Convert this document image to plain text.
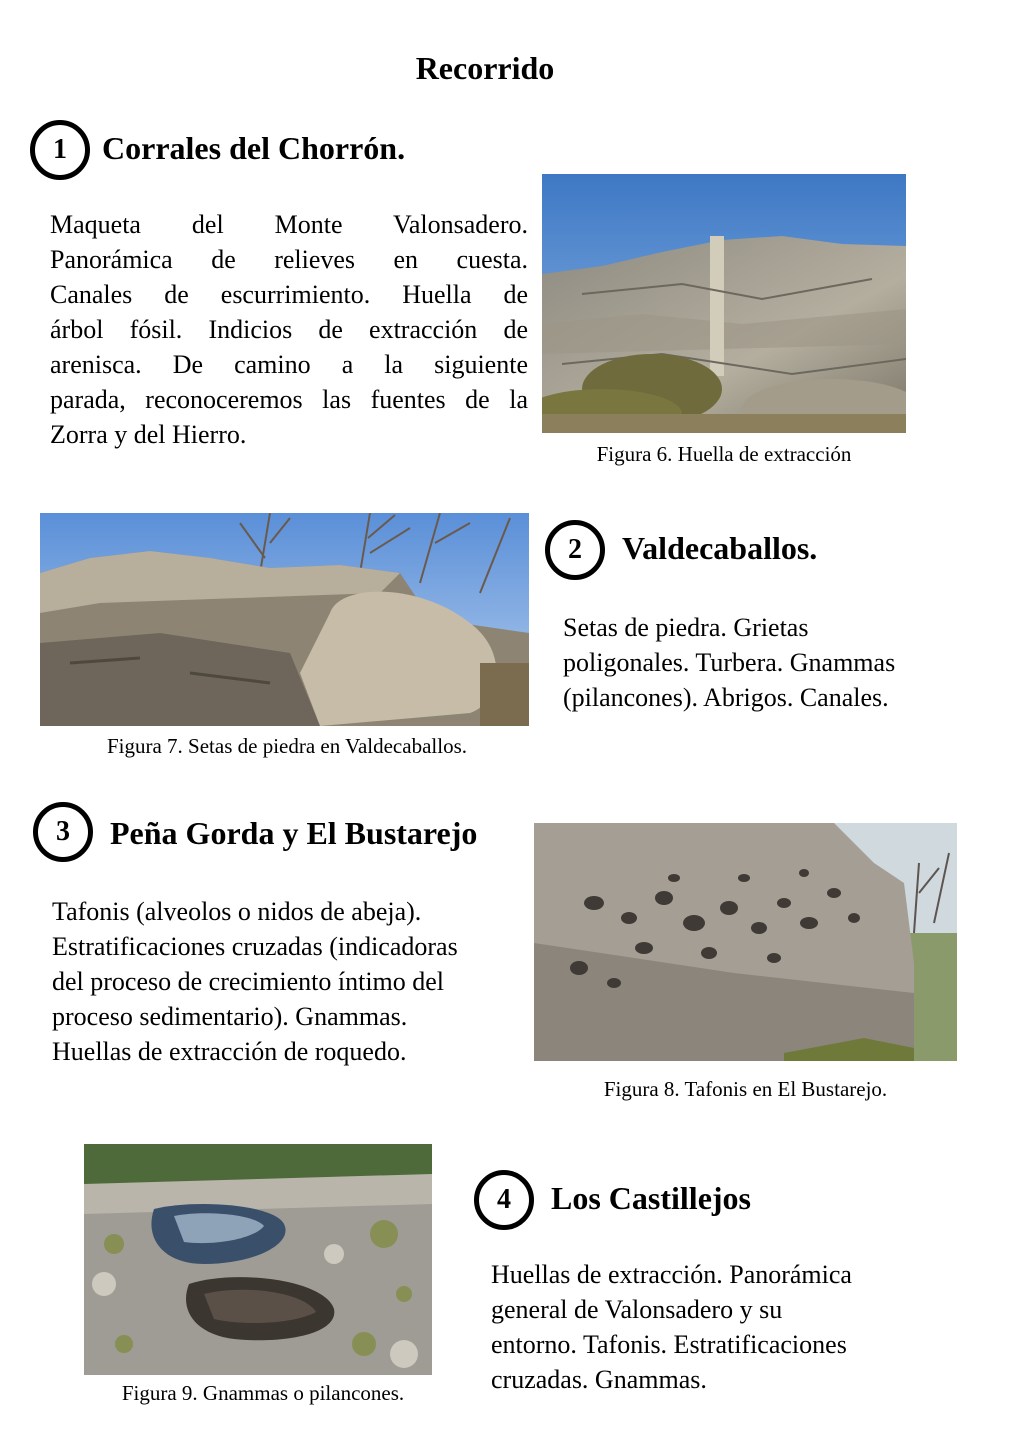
Recorrido
1	Corrales del Chorrón.
Maqueta del Monte Valonsadero.
Panorámica de relieves en cuesta.
Canales de escurrimiento. Huella de
árbol fósil. Indicios de extracción de
arenisca. De camino a la siguiente
parada, reconoceremos las fuentes de la
Zorra y del Hierro.
Figura 6. Huella de extracción
Figura 7. Setas de piedra en Valdecaballos.
2	Valdecaballos.
Setas de piedra. Grietas
poligonales. Turbera. Gnammas
(pilancones). Abrigos. Canales.
3	Peña Gorda y El Bustarejo
Tafonis (alveolos o nidos de abeja).
Estratificaciones cruzadas (indicadoras
del proceso de crecimiento íntimo del
proceso sedimentario). Gnammas.
Huellas de extracción de roquedo.
Figura 8. Tafonis en El Bustarejo.
Figura 9. Gnammas o pilancones.
4	Los Castillejos
Huellas de extracción. Panorámica
general de Valonsadero y su
entorno. Tafonis. Estratificaciones
cruzadas. Gnammas.
